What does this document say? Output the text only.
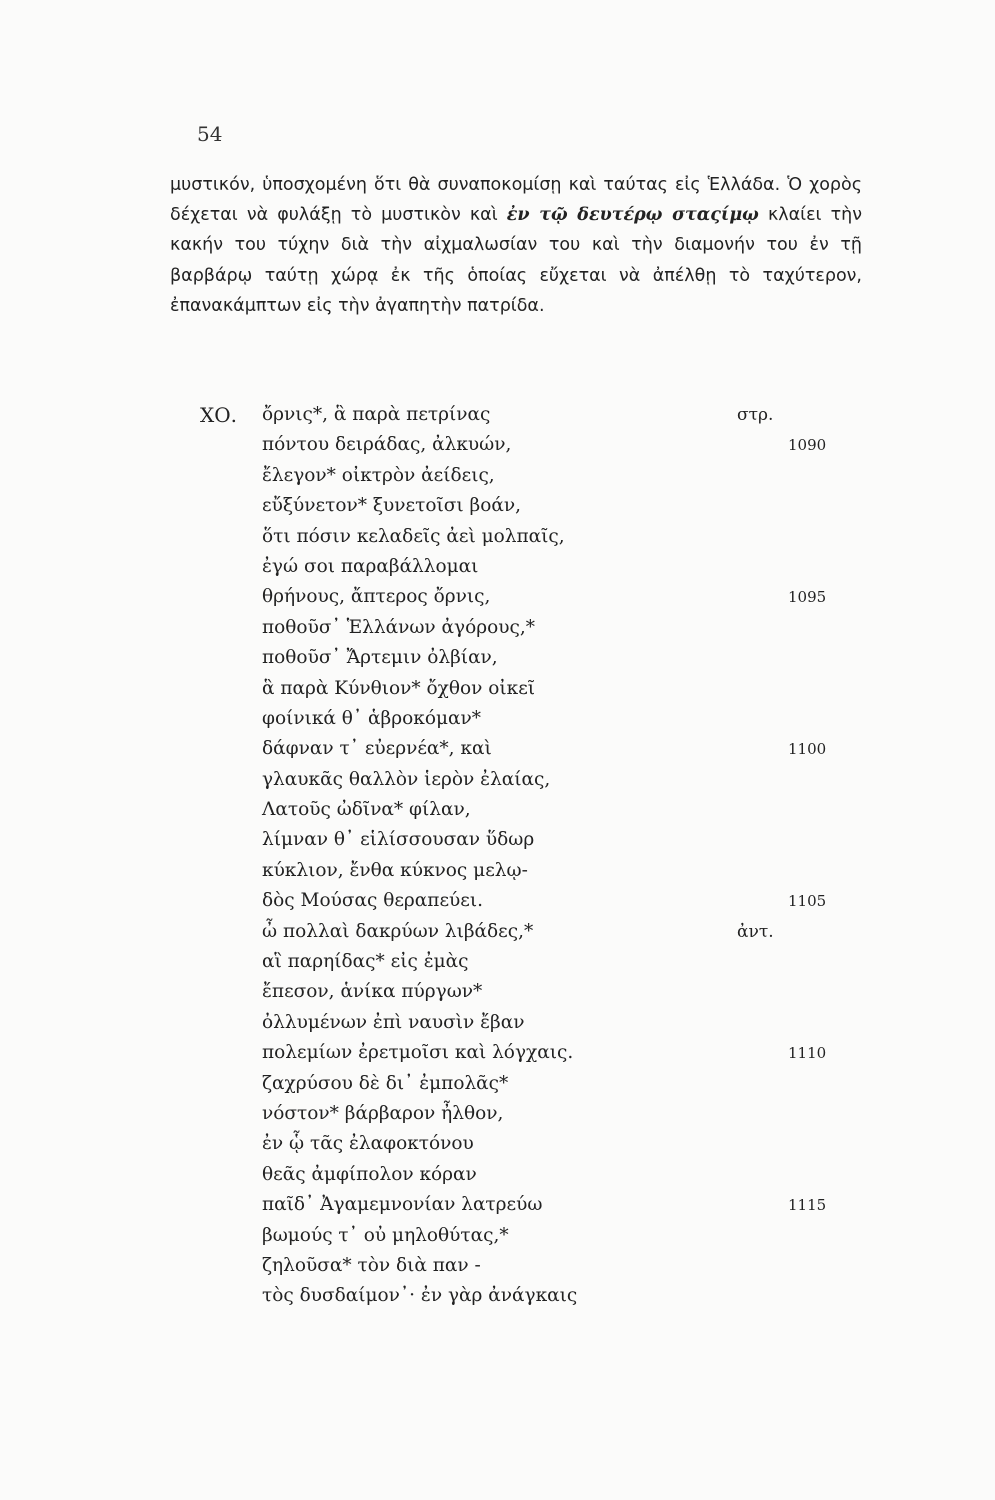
54
μυστικόν, ὑποσχομένη ὅτι θὰ συναποκομίσῃ καὶ ταύτας εἰς Ἑλλάδα. Ὁ χορὸς δέχεται νὰ φυλάξῃ τὸ μυστικὸν καὶ ἐν τῷ δευτέρῳ σταςίμῳ κλαίει τὴν κακήν του τύχην διὰ τὴν αἰχμαλωσίαν του καὶ τὴν διαμονήν του ἐν τῇ βαρβάρῳ ταύτῃ χώρᾳ ἐκ τῆς ὁποίας εὔχεται νὰ ἀπέλθῃ τὸ ταχύτερον, ἐπανακάμπτων εἰς τὴν ἀγαπητὴν πατρίδα.
ΧΟ. ὄρνις*, ἃ παρὰ πετρίνας	στρ.
πόντου δειράδας, ἀλκυών,	1090
ἔλεγον* οἰκτρὸν ἀείδεις,
εὔξύνετον* ξυνετοῖσι βοάν,
ὅτι πόσιν κελαδεῖς ἀεὶ μολπαῖς,
ἐγώ σοι παραβάλλομαι
θρήνους, ἄπτερος ὄρνις,	1095
ποθοῦσ᾽ Ἑλλάνων ἀγόρους,*
ποθοῦσ᾽ Ἄρτεμιν ὀλβίαν,
ἃ παρὰ Κύνθιον* ὄχθον οἰκεῖ
φοίνικά θ᾽ ἁβροκόμαν*
δάφναν τ᾽ εὐερνέα*, καὶ	1100
γλαυκᾶς θαλλὸν ἱερὸν ἐλαίας,
Λατοῦς ὠδῖνα* φίλαν,
λίμναν θ᾽ εἱλίσσουσαν ὕδωρ
κύκλιον, ἔνθα κύκνος μελῳ-
δὸς Μούσας θεραπεύει.	1105
ὦ πολλαὶ δακρύων λιβάδες,*	ἀντ.
αἳ παρηίδας* εἰς ἐμὰς
ἔπεσον, ἁνίκα πύργων*
ὀλλυμένων ἐπὶ ναυσὶν ἔβαν
πολεμίων ἐρετμοῖσι καὶ λόγχαις.	1110
ζαχρύσου δὲ δι᾽ ἐμπολᾶς*
νόστον* βάρβαρον ἦλθον,
ἐν ᾧ τᾶς ἐλαφοκτόνου
θεᾶς ἀμφίπολον κόραν
παῖδ᾽ Ἀγαμεμνονίαν λατρεύω	1115
βωμούς τ᾽ οὐ μηλοθύτας,*
ζηλοῦσα* τὸν διὰ παν -
τὸς δυσδαίμον᾽· ἐν γὰρ ἀνάγκαις
